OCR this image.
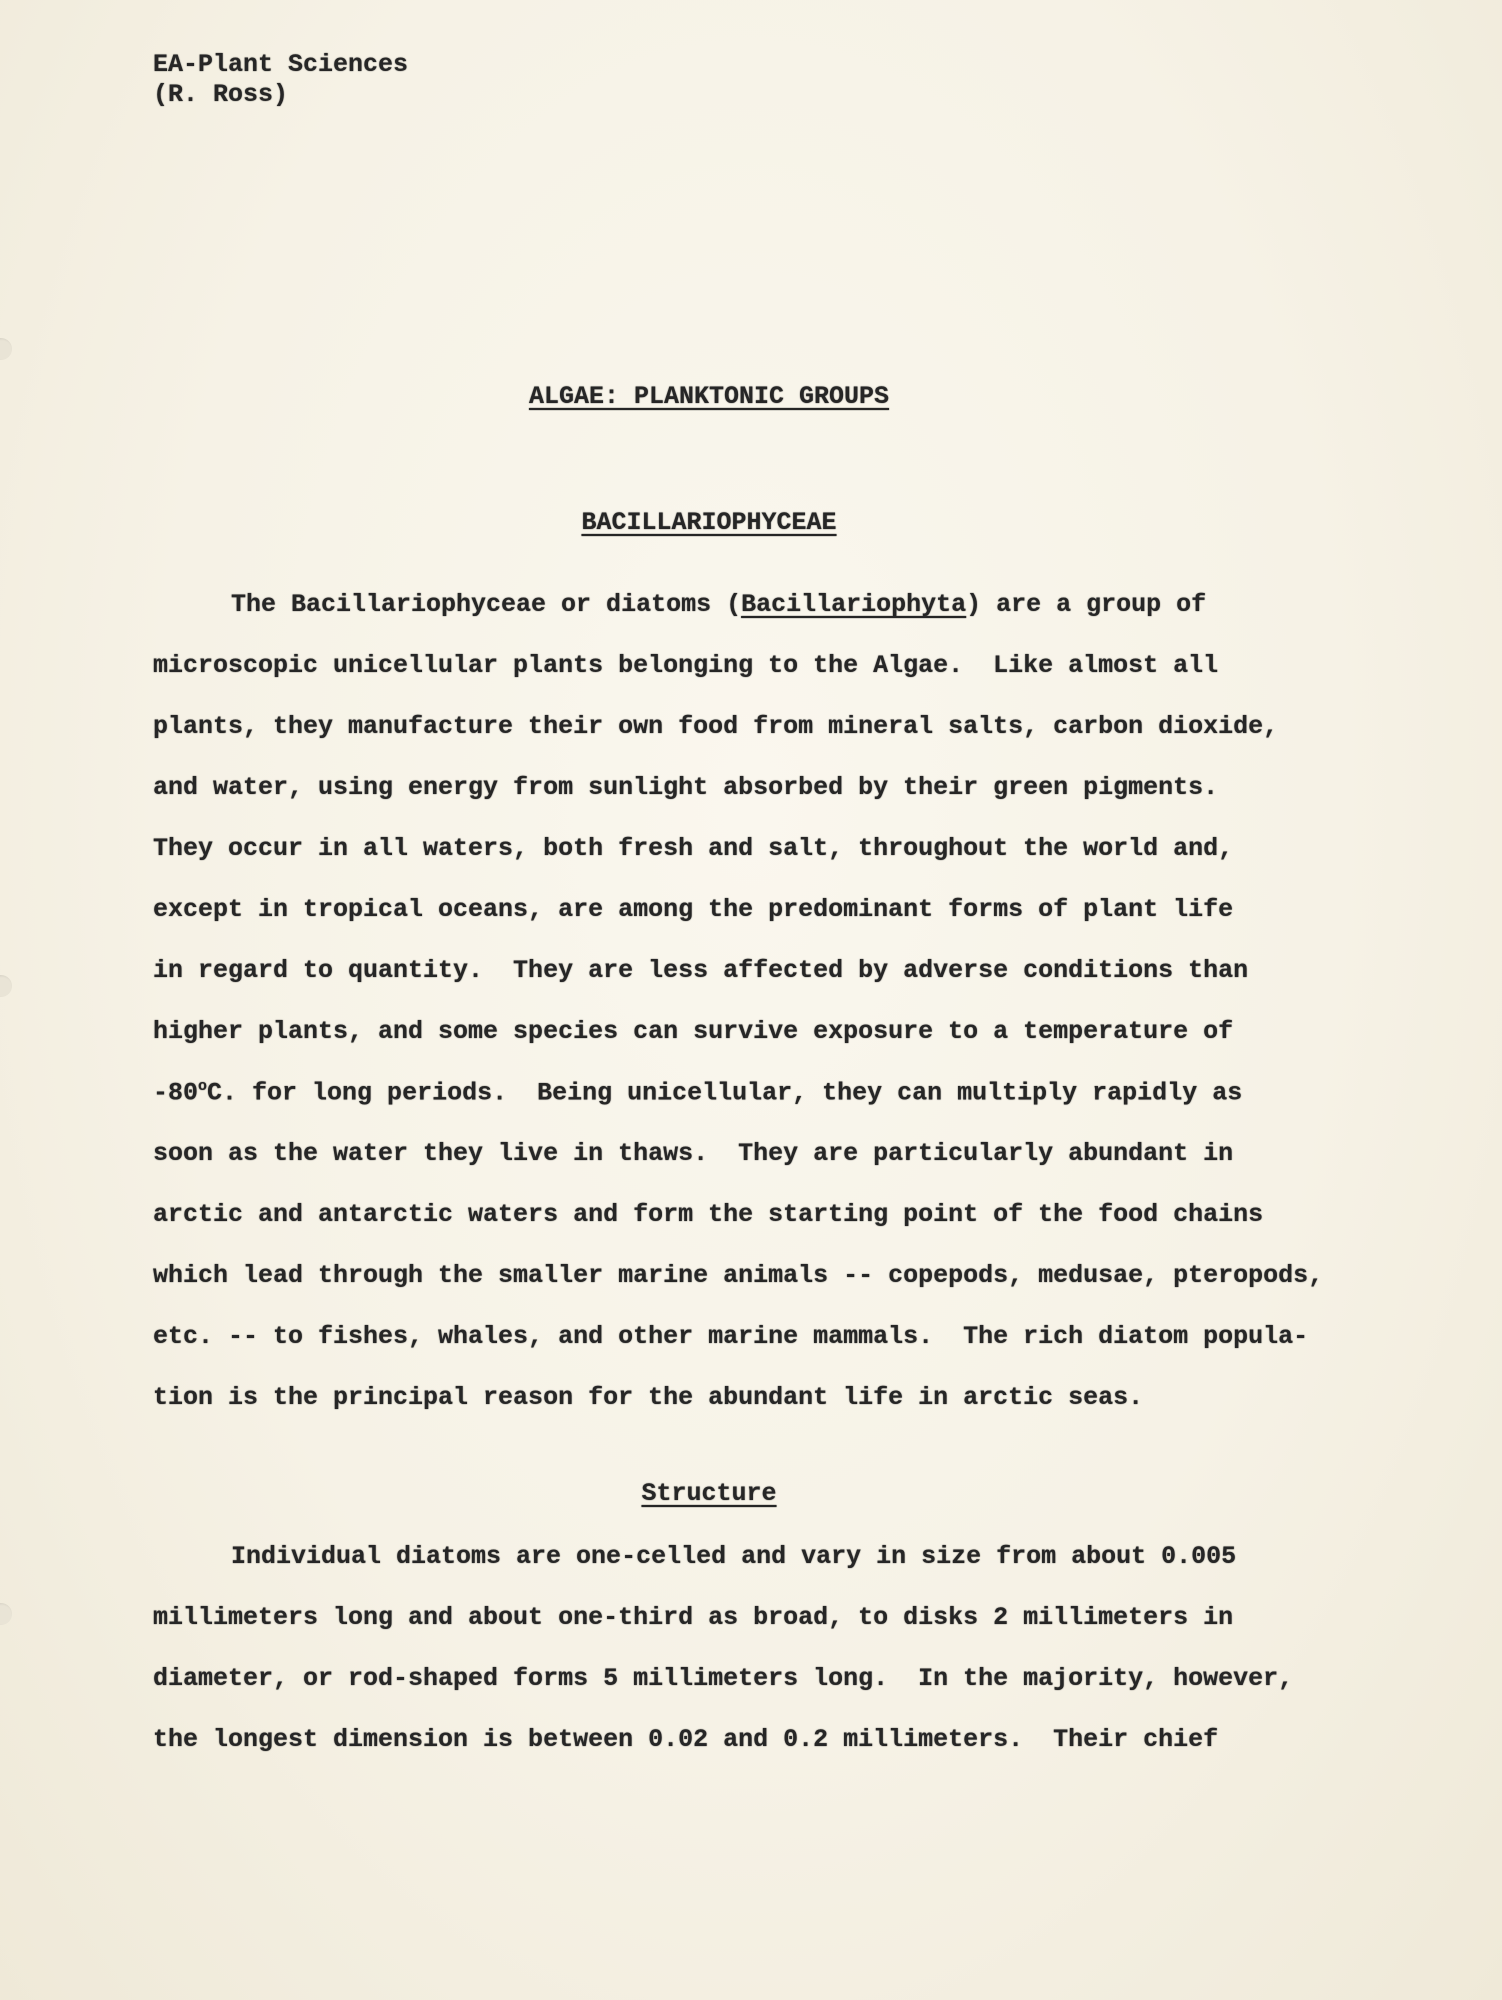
EA-Plant Sciences
(R. Ross)
ALGAE: PLANKTONIC GROUPS
BACILLARIOPHYCEAE
The Bacillariophyceae or diatoms (Bacillariophyta) are a group of
microscopic unicellular plants belonging to the Algae.  Like almost all
plants, they manufacture their own food from mineral salts, carbon dioxide,
and water, using energy from sunlight absorbed by their green pigments.
They occur in all waters, both fresh and salt, throughout the world and,
except in tropical oceans, are among the predominant forms of plant life
in regard to quantity.  They are less affected by adverse conditions than
higher plants, and some species can survive exposure to a temperature of
-80$^o$C. for long periods.  Being unicellular, they can multiply rapidly as
soon as the water they live in thaws.  They are particularly abundant in
arctic and antarctic waters and form the starting point of the food chains
which lead through the smaller marine animals -- copepods, medusae, pteropods,
etc. -- to fishes, whales, and other marine mammals.  The rich diatom popula-
tion is the principal reason for the abundant life in arctic seas.
Structure
Individual diatoms are one-celled and vary in size from about 0.005
millimeters long and about one-third as broad, to disks 2 millimeters in
diameter, or rod-shaped forms 5 millimeters long.  In the majority, however,
the longest dimension is between 0.02 and 0.2 millimeters.  Their chief
